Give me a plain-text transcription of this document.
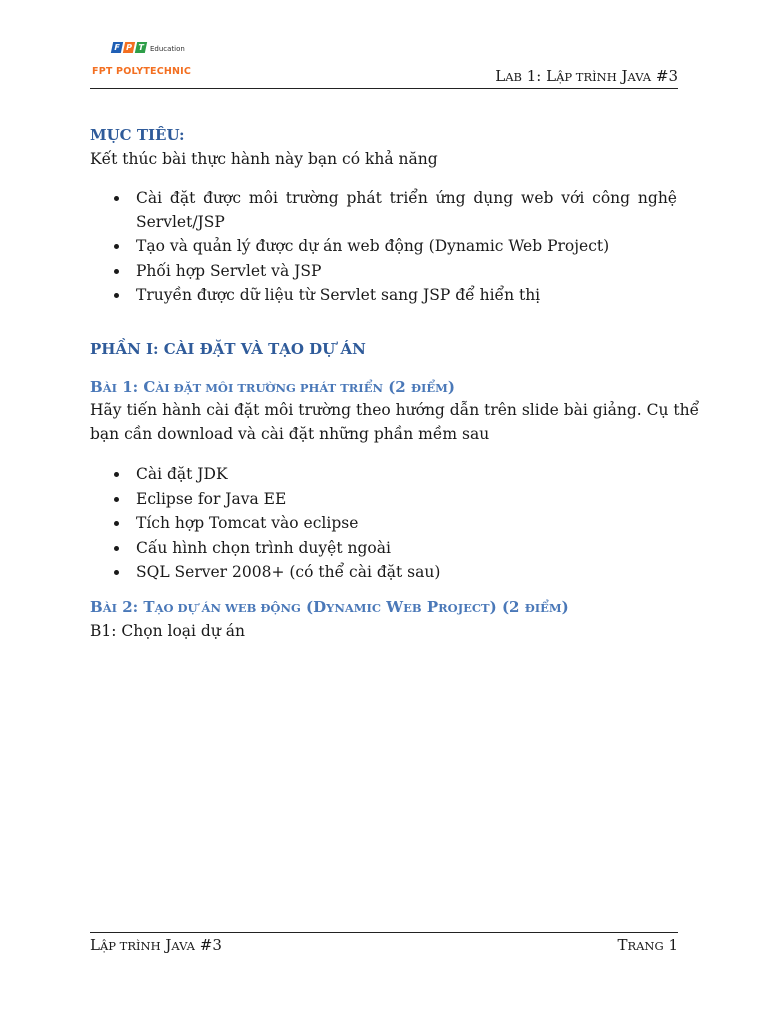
F P T Education
FPT POLYTECHNIC	LAB 1: LẬP TRÌNH JAVA #3
MỤC TIÊU:
Kết thúc bài thực hành này bạn có khả năng
Cài đặt được môi trường phát triển ứng dụng web với công nghệ
Servlet/JSP
Tạo và quản lý được dự án web động (Dynamic Web Project)
Phối hợp Servlet và JSP
Truyền được dữ liệu từ Servlet sang JSP để hiển thị
PHẦN I: CÀI ĐẶT VÀ TẠO DỰ ÁN
BÀI 1: CÀI ĐẶT MÔI TRƯỜNG PHÁT TRIỂN (2 ĐIỂM)
Hãy tiến hành cài đặt môi trường theo hướng dẫn trên slide bài giảng. Cụ thể
bạn cần download và cài đặt những phần mềm sau
Cài đặt JDK
Eclipse for Java EE
Tích hợp Tomcat vào eclipse
Cấu hình chọn trình duyệt ngoài
SQL Server 2008+ (có thể cài đặt sau)
BÀI 2: TẠO DỰ ÁN WEB ĐỘNG (DYNAMIC WEB PROJECT) (2 ĐIỂM)
B1: Chọn loại dự án
LẬP TRÌNH JAVA #3	TRANG 1
